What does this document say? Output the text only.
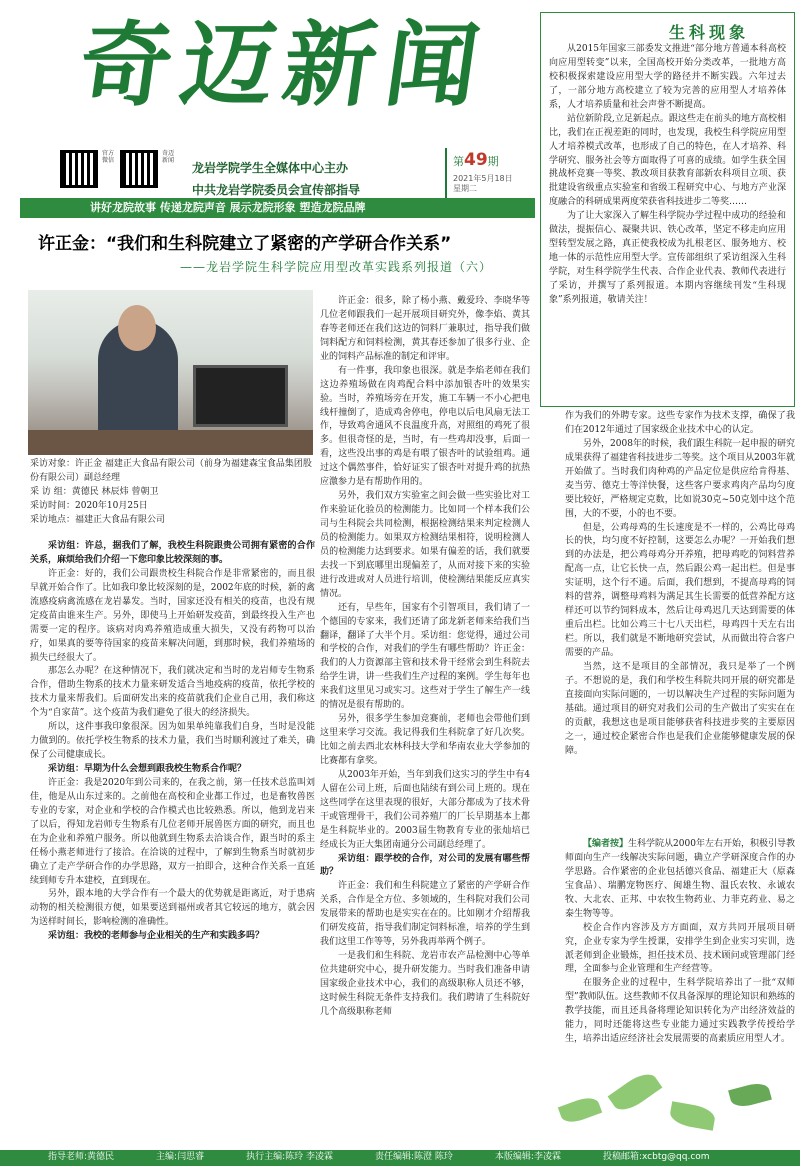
奇迈新闻
官方微信
奇迈新闻
龙岩学院学生全媒体中心主办
中共龙岩学院委员会宣传部指导
第49期
2021年5月18日
星期二
讲好龙院故事 传递龙院声音 展示龙院形象 塑造龙院品牌
生科现象

从2015年国家三部委发文推进“部分地方普通本科高校向应用型转变”以来，全国高校开始分类改革，一批地方高校积极探索建设应用型大学的路径并不断实践。六年过去了，一部分地方高校建立了较为完善的应用型人才培养体系，人才培养质量和社会声誉不断提高。

站位新阶段,立足新起点。跟这些走在前头的地方高校相比，我们在正视差距的同时，也发现，我校生科学院应用型人才培养模式改革，也形成了自己的特色，在人才培养、科学研究、服务社会等方面取得了可喜的成绩。如学生获全国挑战杯竞赛一等奖、教改项目获教育部新农科项目立项、获批建设省级重点实验室和省级工程研究中心、与地方产业深度融合的科研成果两度荣获省科技进步二等奖……

为了让大家深入了解生科学院办学过程中成功的经验和做法，提振信心、凝聚共识、铁心改革，坚定不移走向应用型转型发展之路，真正使我校成为扎根老区、服务地方、校地一体的示范性应用型大学。宣传部组织了采访组深入生科学院，对生科学院学生代表、合作企业代表、教师代表进行了采访，并撰写了系列报道。本期内容继续刊发“生科现象”系列报道，敬请关注！

许正金：“我们和生科院建立了紧密的产学研合作关系”
——龙岩学院生科学院应用型改革实践系列报道（六）
采访对象：许正金 福建正大食品有限公司（前身为福建森宝食品集团股份有限公司）副总经理
采 访 组：黄德民 林辰炜 曾朝卫
采访时间：2020年10月25日
采访地点：福建正大食品有限公司

采访组：许总，据我们了解，我校生科院跟贵公司拥有紧密的合作关系，麻烦给我们介绍一下您印象比较深刻的事。

许正金：好的，我们公司跟贵校生科院合作是非常紧密的，而且很早就开始合作了。比如我印象比较深刻的是，2002年底的时候，新的禽流感疫病禽流感在龙岩暴发。当时，国家还没有相关的疫苗，也没有规定疫苗由谁来生产。另外，即使马上开始研发疫苗，到最终投入生产也需要一定的程序。该病对肉鸡养殖造成重大损失，又没有药物可以治疗，如果真的要等待国家的疫苗来解决问题，到那时候，我们养殖场的损失已经很大了。

那怎么办呢？在这种情况下，我们就决定和当时的龙岩师专生物系合作，借助生物系的技术力量来研发适合当地疫病的疫苗，依托学校的技术力量来帮我们。后面研发出来的疫苗就我们企业自己用，我们称这个为“自家苗”。这个疫苗为我们避免了很大的经济损失。

所以，这件事我印象很深。因为如果单纯靠我们自身，当时是没能力做到的。依托学校生物系的技术力量，我们当时顺利渡过了难关，确保了公司健康成长。

采访组：早期为什么会想到跟我校生物系合作呢？

许正金：我是2020年到公司来的，在我之前，第一任技术总监叫刘佳，他是从山东过来的。之前他在高校和企业都工作过，也是畜牧兽医专业的专家，对企业和学校的合作模式也比较熟悉。所以，他到龙岩来了以后，得知龙岩师专生物系有几位老师开展兽医方面的研究，而且也在为企业和养殖户服务。所以他就到生物系去洽谈合作，跟当时的系主任杨小燕老师进行了接洽。在洽谈的过程中，了解到生物系当时就初步确立了走产学研合作的办学思路，双方一拍即合，这种合作关系一直延续到师专升本建校，直到现在。

另外，跟本地的大学合作有一个最大的优势就是距离近，对于患病动物的相关检测很方便，如果要送到福州或者其它较远的地方，就会因为送样时间长，影响检测的准确性。

采访组：我校的老师参与企业相关的生产和实践多吗？

许正金：很多，除了杨小燕、戴爱玲、李晓华等几位老师跟我们一起开展项目研究外，像李焰、黄其春等老师还在我们这边的饲料厂兼职过，指导我们做饲料配方和饲料检测，黄其春还参加了很多行业、企业的饲料产品标准的制定和评审。

有一件事，我印象也很深。就是李焰老师在我们这边养殖场做在肉鸡配合料中添加银杏叶的效果实验。当时，养殖场旁在开发，施工车辆一不小心把电线杆撞倒了，造成鸡舍停电，停电以后电风扇无法工作，导致鸡舍通风不良温度升高，对照组的鸡死了很多。但很奇怪的是，当时，有一些鸡却没事，后面一看，这些没出事的鸡是有喂了银杏叶的试验组鸡。通过这个偶然事件，恰好证实了银杏叶对提升鸡的抗热应激参力是有帮助作用的。

另外，我们双方实验室之间会做一些实验比对工作来验证化验员的检测能力。比如同一个样本我们公司与生科院会共同检测，根据检测结果来判定检测人员的检测能力。如果双方检测结果相符，说明检测人员的检测能力达到要求。如果有偏差的话，我们就要去找一下到底哪里出现偏差了，从而对接下来的实验进行改进或对人员进行培训，使检测结果能反应真实情况。

还有，早些年，国家有个引智项目，我们请了一个德国的专家来，我们还请了邱龙新老师来给我们当翻译，翻译了大半个月。采访组：您觉得，通过公司和学校的合作，对我们的学生有哪些帮助？许正金：我们的人力资源部主管和技术骨干经常会到生科院去给学生讲，讲一些我们生产过程的案例。学生每年也来我们这里见习或实习。这些对于学生了解生产一线的情况是很有帮助的。

另外，很多学生参加竞赛前，老师也会带他们到这里来学习交流。我记得我们生科院拿了好几次奖。比如之前去西北农林科技大学和华南农业大学参加的比赛都有拿奖。

从2003年开始，当年到我们这实习的学生中有4人留在公司上班，后面也陆续有到公司上班的。现在这些同学在这里表现的很好，大部分都成为了技术骨干或管理骨干，我们公司养殖厂的厂长早期基本上都是生科院毕业的。2003届生物教育专业的张灿培已经成长为正大集团南通分公司副总经理了。

采访组：跟学校的合作，对公司的发展有哪些帮助？

许正金：我们和生科院建立了紧密的产学研合作关系，合作是全方位、多领域的，生科院对我们公司发展带来的帮助也是实实在在的。比如刚才介绍帮我们研发疫苗，指导我们制定饲料标准，培养的学生到我们这里工作等等，另外我再举两个例子。

一是我们和生科院、龙岩市农产品检测中心等单位共建研究中心，提升研发能力。当时我们准备申请国家级企业技术中心，我们的高级职称人员还不够，这时候生科院无条件支持我们。我们聘请了生科院好几个高级职称老师

作为我们的外聘专家。这些专家作为技术支撑，确保了我们在2012年通过了国家级企业技术中心的认定。

另外，2008年的时候，我们跟生科院一起申报的研究成果获得了福建省科技进步二等奖。这个项目从2003年就开始做了。当时我们肉种鸡的产品定位是供应给肯得基、麦当劳、德克士等洋快餐，这些客户要求鸡肉产品均匀度要比较好，严格规定克数，比如说30克~50克划中这个范围，大的不要，小的也不要。

但是，公鸡母鸡的生长速度是不一样的，公鸡比母鸡长的快，均匀度不好控制，这要怎么办呢？一开始我们想到的办法是，把公鸡母鸡分开养殖，把母鸡吃的饲料营养配高一点，让它长快一点，然后跟公鸡一起出栏。但是事实证明，这个行不通。后面，我们想到，不提高母鸡的饲料的营养，调整母鸡料为满足其生长需要的低营养配方这样还可以节约饲料成本，然后让母鸡迟几天达到需要的体重后出栏。比如公鸡三十七八天出栏，母鸡四十天左右出栏。所以，我们就是不断地研究尝试，从而做出符合客户需要的产品。

当然，这不是项目的全部情况，我只是举了一个例子。不想说的是，我们和学校生科院共同开展的研究都是直接面向实际问题的，一切以解决生产过程的实际问题为基础。通过项目的研究对我们公司的生产做出了实实在在的贡献，我想这也是项目能够获省科技进步奖的主要原因之一，通过校企紧密合作也是我们企业能够健康发展的保障。

【编者按】生科学院从2000年左右开始，积极引导教师面向生产一线解决实际问题，确立产学研深度合作的办学思路。合作紧密的企业包括德兴食品、福建正大（原森宝食品）、瑞鹏宠物医疗、闽雄生物、温氏农牧、永诚农牧、大北农、正邦、中农牧生物药业、力菲克药业、易之泰生物等等。

校企合作内容涉及方方面面，双方共同开展项目研究，企业专家为学生授课，安排学生到企业实习实训，选派老师到企业锻炼，担任技术员、技术顾问或管理部门经理，全面参与企业管理和生产经营等。

在服务企业的过程中，生科学院培养出了一批“双师型”教师队伍。这些教师不仅具备深厚的理论知识和熟练的教学技能，而且还具备将理论知识转化为产出经济效益的能力，同时还能将这些专业能力通过实践教学传授给学生，培养出适应经济社会发展需要的高素质应用型人才。

指导老师:黄德民	主编:闫思睿	执行主编:陈玲 李凌霖	责任编辑:陈澄 陈玲	本版编辑:李凌霖	投稿邮箱:xcbtg@qq.com
